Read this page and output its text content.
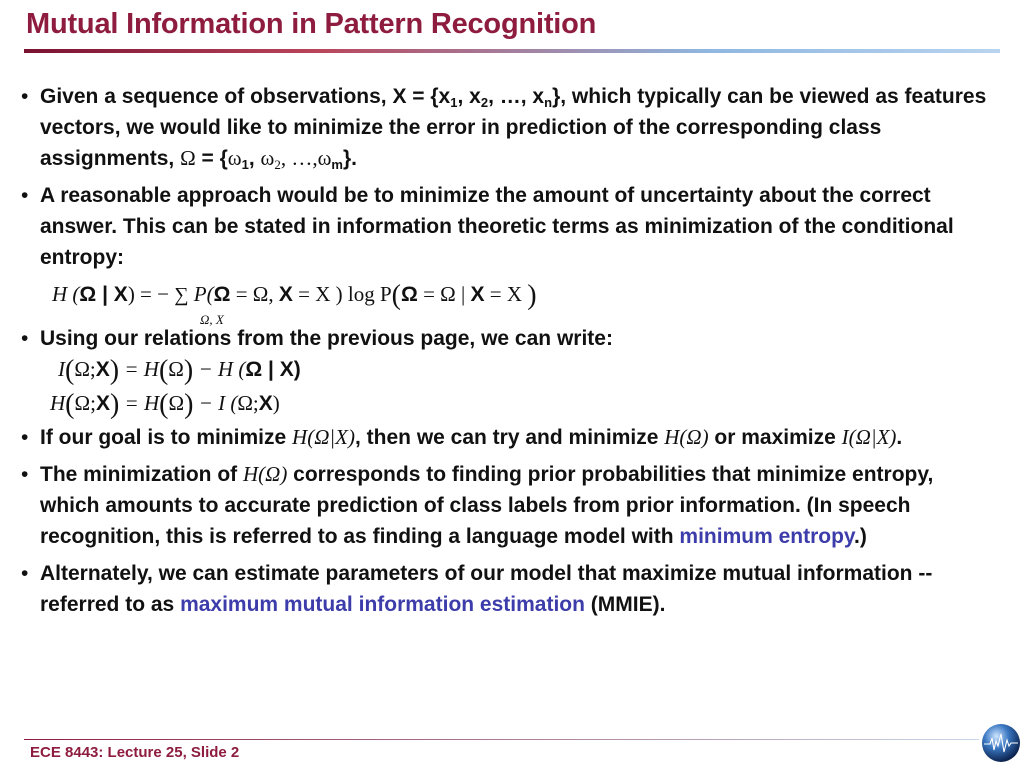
Mutual Information in Pattern Recognition
• Given a sequence of observations, $X = \{x_1$, $x_2$, …, $x_n$}, which typically can be viewed as features vectors, we would like to minimize the error in prediction of the corresponding class assignments, $\Omega = \{\omega_1$, $\omega_2$, $\dots,\omega_m$}.
• A reasonable approach would be to minimize the amount of uncertainty about the correct answer. This can be stated in information theoretic terms as minimization of the conditional entropy:
H (Ω | X) = − ∑ P(Ω = Ω, X = X ) log P(Ω = Ω | X = X )
Ω, X
• Using our relations from the previous page, we can write:
I(Ω;X) = H(Ω) − H (Ω | X)
H(Ω;X) = H(Ω) − I (Ω;X)
• If our goal is to minimize H(Ω|X), then we can try and minimize H(Ω) or maximize I(Ω|X).
• The minimization of H(Ω) corresponds to finding prior probabilities that minimize entropy, which amounts to accurate prediction of class labels from prior information. (In speech recognition, this is referred to as finding a language model with minimum entropy.)
• Alternately, we can estimate parameters of our model that maximize mutual information -- referred to as maximum mutual information estimation (MMIE).
ECE 8443: Lecture 25, Slide 2
